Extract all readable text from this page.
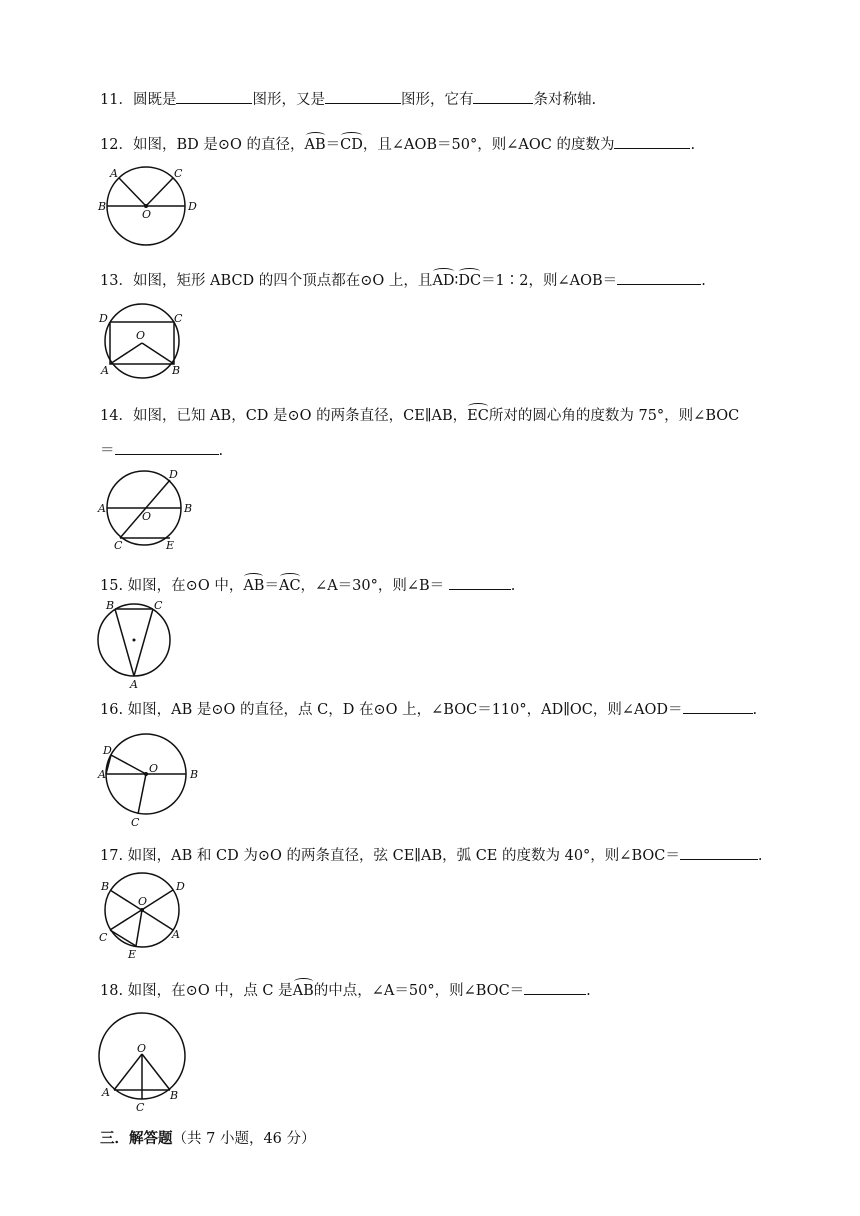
11．圆既是	图形，又是	图形，它有	条对称轴.
12．如图，BD 是⊙O 的直径，AB＝CD，且∠AOB＝50°，则∠AOC 的度数为	.
A	C
B	D
O
13．如图，矩形 ABCD 的四个顶点都在⊙O 上，且AD∶DC＝1∶2，则∠AOB＝	.
D	C
A	B
O
14．如图，已知 AB，CD 是⊙O 的两条直径，CE∥AB，EC所对的圆心角的度数为 75°，则∠BOC
＝	.
A	B
D
O
C	E
15. 如图，在⊙O 中，AB＝AC，∠A＝30°，则∠B＝	.
B	C
A
16. 如图，AB 是⊙O 的直径，点 C，D 在⊙O 上，∠BOC＝110°，AD∥OC，则∠AOD＝	.
D
A	O	B
C
17. 如图，AB 和 CD 为⊙O 的两条直径，弦 CE∥AB，弧 CE 的度数为 40°，则∠BOC＝	.
B	D
O
C	A
E
18. 如图，在⊙O 中，点 C 是AB的中点，∠A＝50°，则∠BOC＝	.
O
A	B
C
三．解答题（共 7 小题，46 分）
